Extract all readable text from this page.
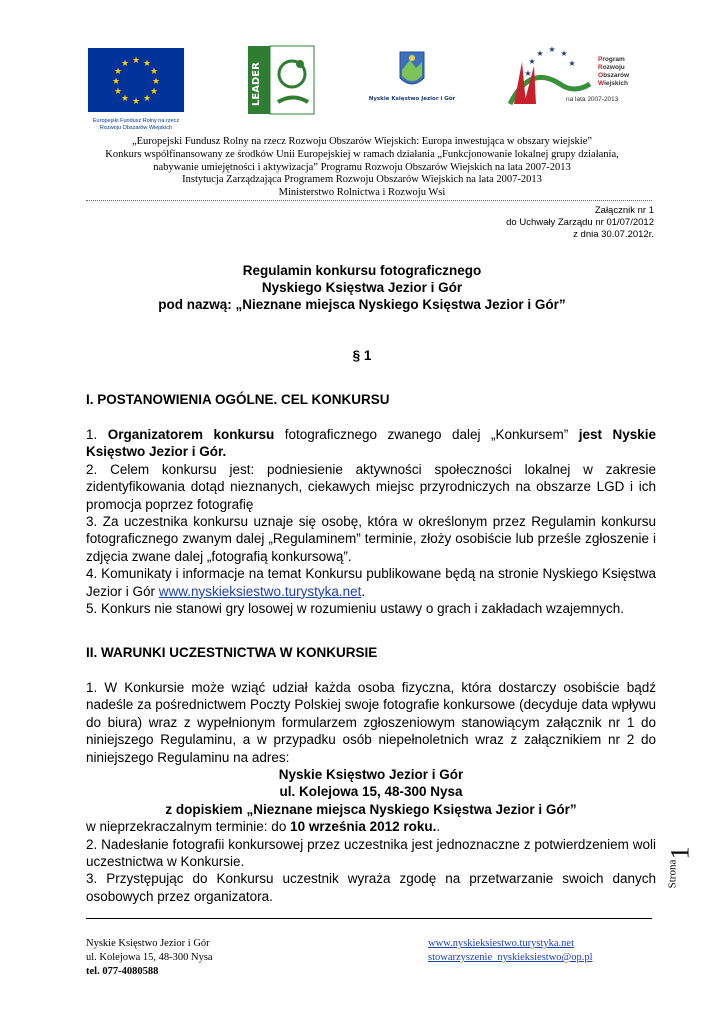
★ ★
★
★
★
★
★
★
★
★
★
★
Europejski Fundusz Rolny na rzecz Rozwoju Obszarów Wiejskich
LEADER	Nyskie Księstwo Jezior i Gór
★ ★ ★
★	★
★
Program
Rozwoju
Obszarów
Wiejskich
na lata 2007-2013
„Europejski Fundusz Rolny na rzecz Rozwoju Obszarów Wiejskich: Europa inwestująca w obszary wiejskie”
Konkurs współfinansowany ze środków Unii Europejskiej w ramach działania „Funkcjonowanie lokalnej grupy działania,
nabywanie umiejętności i aktywizacja” Programu Rozwoju Obszarów Wiejskich na lata 2007-2013
Instytucja Zarządzająca Programem Rozwoju Obszarów Wiejskich na lata 2007-2013
Ministerstwo Rolnictwa i Rozwoju Wsi
Załącznik nr 1
do Uchwały Zarządu nr 01/07/2012
z dnia 30.07.2012r.
Regulamin konkursu fotograficznego
Nyskiego Księstwa Jezior i Gór
pod nazwą: „Nieznane miejsca Nyskiego Księstwa Jezior i Gór”
§ 1
I. POSTANOWIENIA OGÓLNE. CEL KONKURSU

1. Organizatorem konkursu fotograficznego zwanego dalej „Konkursem” jest Nyskie Księstwo Jezior i Gór.

2. Celem konkursu jest: podniesienie aktywności społeczności lokalnej w zakresie zidentyfikowania dotąd nieznanych, ciekawych miejsc przyrodniczych na obszarze LGD i ich promocja poprzez fotografię

3. Za uczestnika konkursu uznaje się osobę, która w określonym przez Regulamin konkursu fotograficznego zwanym dalej „Regulaminem” terminie, złoży osobiście lub prześle zgłoszenie i zdjęcia zwane dalej „fotografią konkursową”.

4. Komunikaty i informacje na temat Konkursu publikowane będą na stronie Nyskiego Księstwa Jezior i Gór www.nyskieksiestwo.turystyka.net.

5. Konkurs nie stanowi gry losowej w rozumieniu ustawy o grach i zakładach wzajemnych.

II. WARUNKI UCZESTNICTWA W KONKURSIE

1. W Konkursie może wziąć udział każda osoba fizyczna, która dostarczy osobiście bądź nadeśle za pośrednictwem Poczty Polskiej swoje fotografie konkursowe (decyduje data wpływu do biura) wraz z wypełnionym formularzem zgłoszeniowym stanowiącym załącznik nr 1 do niniejszego Regulaminu, a w przypadku osób niepełnoletnich wraz z załącznikiem nr 2 do niniejszego Regulaminu na adres:

Nyskie Księstwo Jezior i Gór

ul. Kolejowa 15, 48-300 Nysa

z dopiskiem „Nieznane miejsca Nyskiego Księstwa Jezior i Gór”

w nieprzekraczalnym terminie: do 10 września 2012 roku..

2. Nadesłanie fotografii konkursowej przez uczestnika jest jednoznaczne z potwierdzeniem woli uczestnictwa w Konkursie.

3. Przystępując do Konkursu uczestnik wyraża zgodę na przetwarzanie swoich danych osobowych przez organizatora.

1
Strona
Nyskie Księstwo Jezior i Gór
ul. Kolejowa 15, 48-300 Nysa
tel. 077-4080588
www.nyskieksiestwo.turystyka.net
stowarzyszenie_nyskieksiestwo@op.pl
